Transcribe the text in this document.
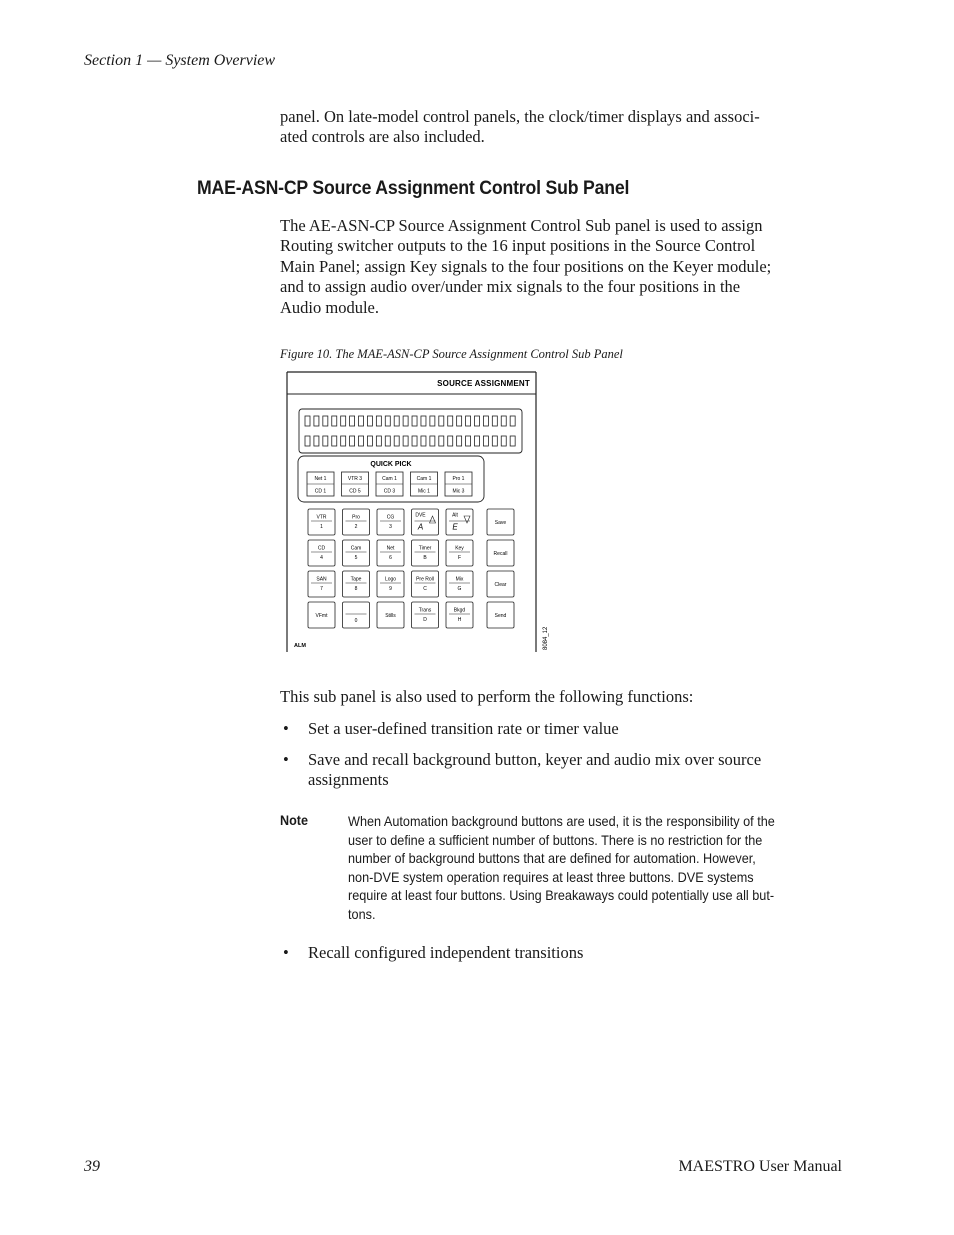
Section 1 — System Overview
panel. On late-model control panels, the clock/timer displays and associ-
ated controls are also included.
MAE-ASN-CP Source Assignment Control Sub Panel
The AE-ASN-CP Source Assignment Control Sub panel is used to assign
Routing switcher outputs to the 16 input positions in the Source Control
Main Panel; assign Key signals to the four positions on the Keyer module;
and to assign audio over/under mix signals to the four positions in the
Audio module.
Figure 10. The MAE-ASN-CP Source Assignment Control Sub Panel
SOURCE ASSIGNMENT
QUICK PICK
Net 1
CD 1
VTR 3
CD 5
Cam 1
CD 3
Cam 1
Mic 1
Pro 1
Mic 3
VTR
1
Pro
2
CG
3
DVE
A
Alt
E
CD
4
Cam
5
Net
6
Timer
B
Key
F
SAN
7
Tape
8
Logo
9
Pre Roll
C
Mix
G
VFmt
0
Stills
Trans
D
Bkgd
H
Save
Recall
Clear
Send
ALM	8084_12
This sub panel is also used to perform the following functions:
• Set a user-defined transition rate or timer value
• Save and recall background button, keyer and audio mix over source assignments
Note	When Automation background buttons are used, it is the responsibility of the
user to define a sufficient number of buttons. There is no restriction for the
number of background buttons that are defined for automation. However,
non-DVE system operation requires at least three buttons. DVE systems
require at least four buttons. Using Breakaways could potentially use all but-
tons.
• Recall configured independent transitions
39	MAESTRO User Manual
